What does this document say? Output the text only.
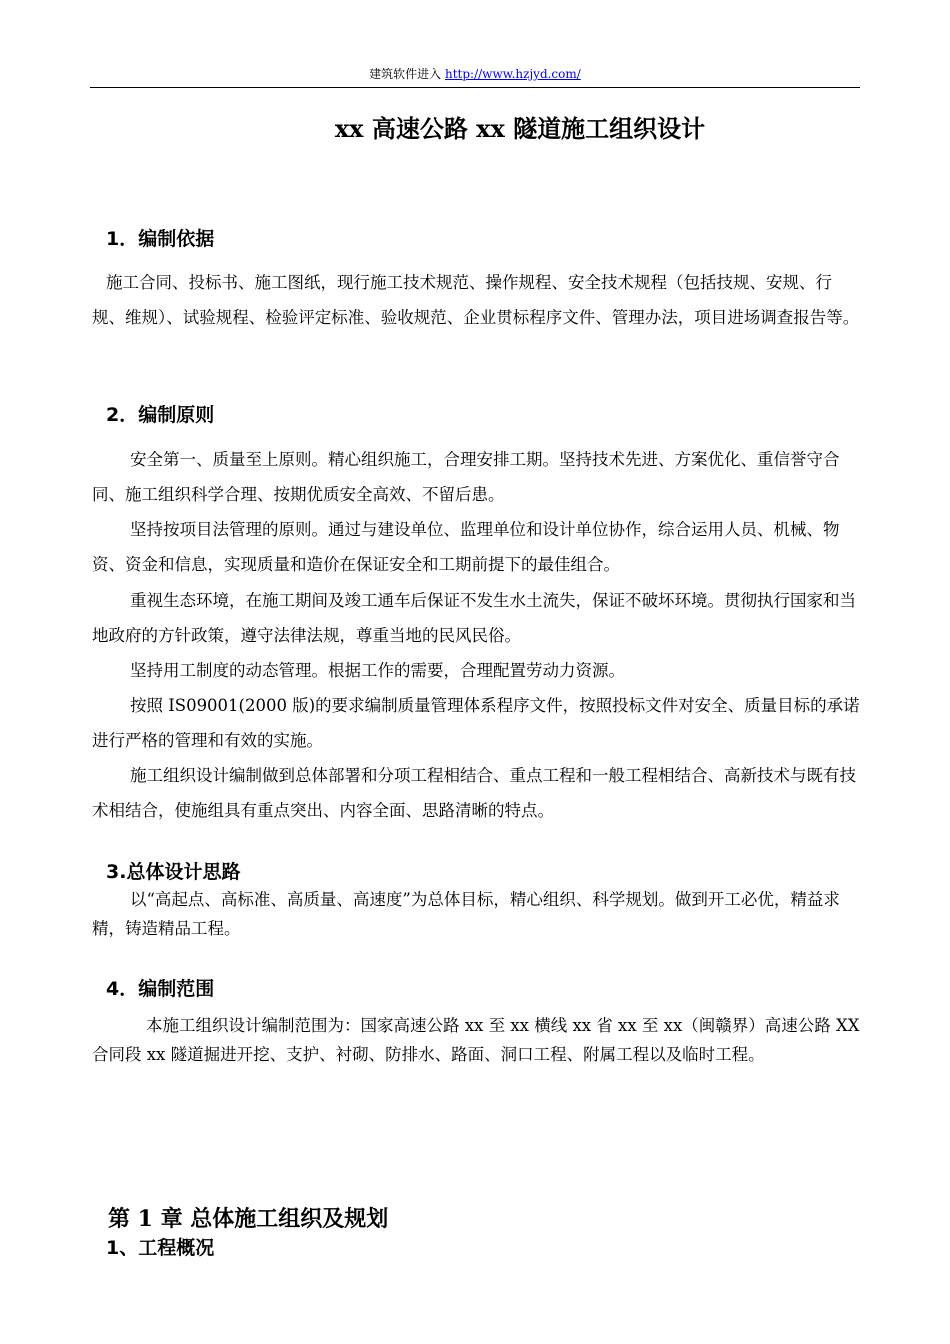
建筑软件进入 http://www.hzjyd.com/
xx 高速公路 xx 隧道施工组织设计
1．编制依据
施工合同、投标书、施工图纸，现行施工技术规范、操作规程、安全技术规程（包括技规、安规、行规、维规）、试验规程、检验评定标准、验收规范、企业贯标程序文件、管理办法，项目进场调查报告等。
2．编制原则
安全第一、质量至上原则。精心组织施工，合理安排工期。坚持技术先进、方案优化、重信誉守合同、施工组织科学合理、按期优质安全高效、不留后患。
坚持按项目法管理的原则。通过与建设单位、监理单位和设计单位协作，综合运用人员、机械、物资、资金和信息，实现质量和造价在保证安全和工期前提下的最佳组合。
重视生态环境，在施工期间及竣工通车后保证不发生水土流失，保证不破坏环境。贯彻执行国家和当地政府的方针政策，遵守法律法规，尊重当地的民风民俗。
坚持用工制度的动态管理。根据工作的需要，合理配置劳动力资源。
按照 IS09001(2000 版)的要求编制质量管理体系程序文件，按照投标文件对安全、质量目标的承诺进行严格的管理和有效的实施。
施工组织设计编制做到总体部署和分项工程相结合、重点工程和一般工程相结合、高新技术与既有技术相结合，使施组具有重点突出、内容全面、思路清晰的特点。
3.总体设计思路
以“高起点、高标准、高质量、高速度”为总体目标，精心组织、科学规划。做到开工必优，精益求精，铸造精品工程。
4．编制范围
本施工组织设计编制范围为：国家高速公路 xx 至 xx 横线 xx 省 xx 至 xx（闽赣界）高速公路 XX 合同段 xx 隧道掘进开挖、支护、衬砌、防排水、路面、洞口工程、附属工程以及临时工程。
第 1 章 总体施工组织及规划
1、工程概况
